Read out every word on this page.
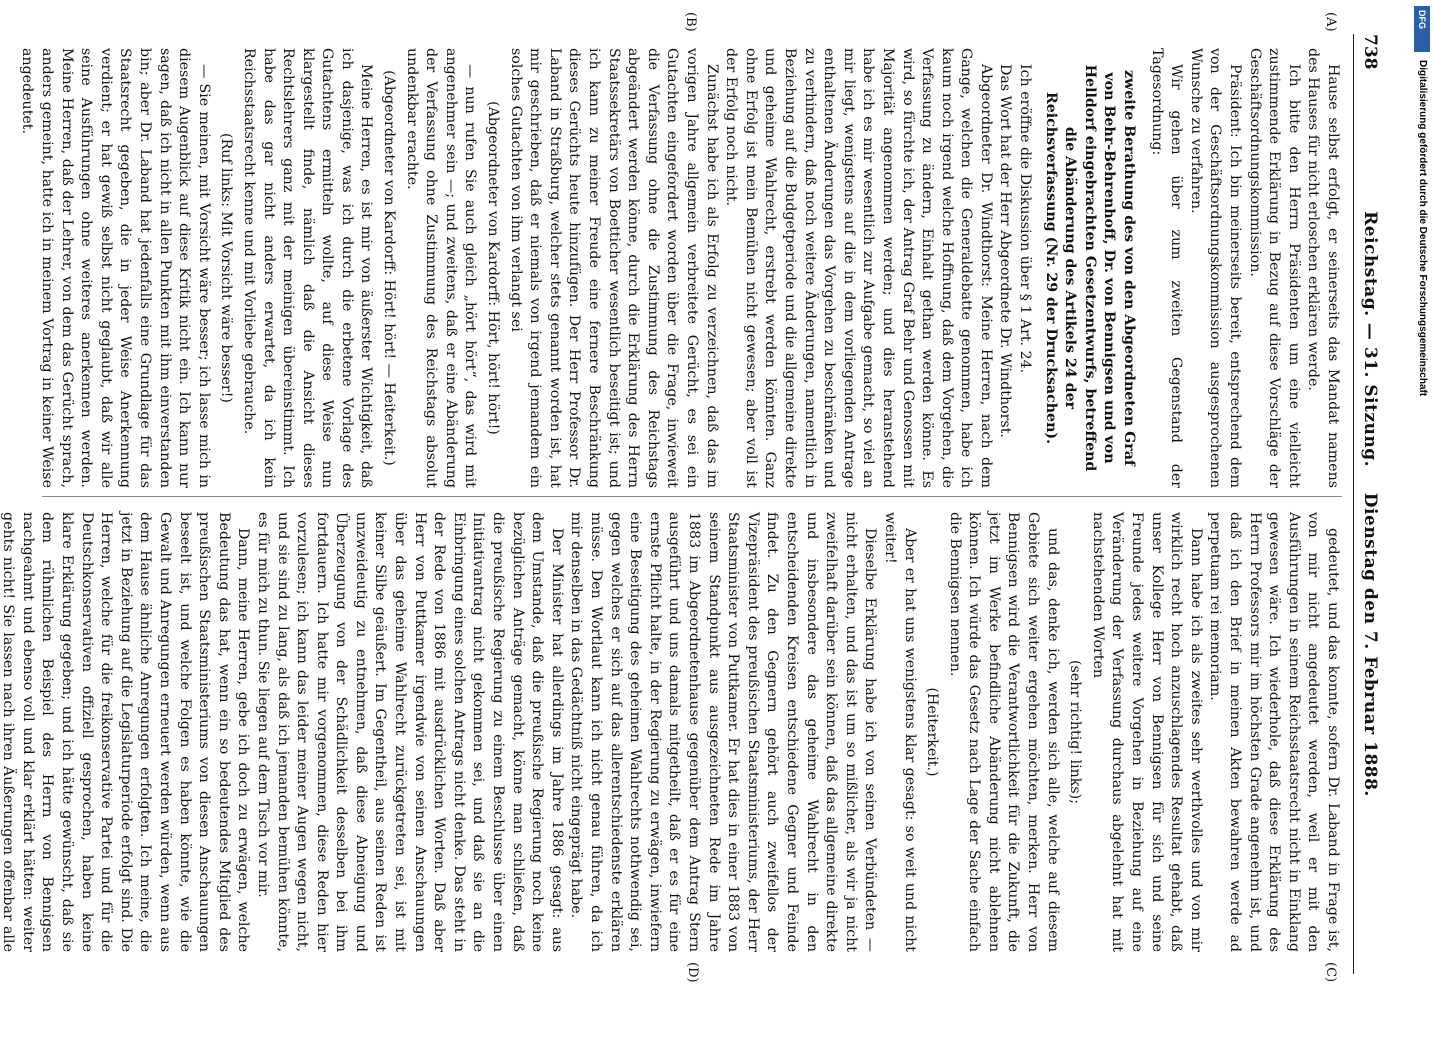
738
Reichstag. — 31. Sitzung.    Dienstag den 7. Februar 1888.
(A)
(B)
(C)
(D)

Hause selbst erfolgt, er seinerseits das Mandat namens des Hauses für nicht erloschen erklären werde.

Ich bitte den Herrn Präsidenten um eine vielleicht zustimmende Erklärung in Bezug auf diese Vorschläge der Geschäftsordnungskommission.

Präsident: Ich bin meinerseits bereit, entsprechend dem von der Geschäftsordnungskommission ausgesprochenen Wunsche zu verfahren.

Wir gehen über zum zweiten Gegenstand der Tagesordnung:

zweite Berathung des von den Abgeordneten Graf von Behr-Behrenhoff, Dr. von Bennigsen und von Helldorf eingebrachten Gesetzentwurfs, betreffend die Abänderung des Artikels 24 der Reichsverfassung (Nr. 29 der Drucksachen).

Ich eröffne die Diskussion über § 1 Art. 24.

Das Wort hat der Herr Abgeordnete Dr. Windthorst.

Abgeordneter Dr. Windthorst: Meine Herren, nach dem Gange, welchen die Generaldebatte genommen, habe ich kaum noch irgend welche Hoffnung, daß dem Vorgehen, die Verfassung zu ändern, Einhalt gethan werden könne. Es wird, so fürchte ich, der Antrag Graf Behr und Genossen mit Majorität angenommen werden; und dies heranstehend habe ich es mir wesentlich zur Aufgabe gemacht, so viel an mir liegt, wenigstens auf die in dem vorliegenden Antrage enthaltenen Änderungen das Vorgehen zu beschränken und zu verhindern, daß noch weitere Änderungen, namentlich in Beziehung auf die Budgetperiode und die allgemeine direkte und geheime Wahlrecht, erstrebt werden könnten. Ganz ohne Erfolg ist mein Bemühen nicht gewesen; aber voll ist der Erfolg noch nicht.

Zunächst habe ich als Erfolg zu verzeichnen, daß das im vorigen Jahre allgemein verbreitete Gerücht, es sei ein Gutachten eingefordert worden über die Frage, inwieweit die Verfassung ohne die Zustimmung des Reichstags abgeändert werden könne, durch die Erklärung des Herrn Staatssekretärs von Boetticher wesentlich beseitigt ist; und ich kann zu meiner Freude eine fernere Beschränkung dieses Gerüchts heute hinzufügen. Der Herr Professor Dr. Laband in Straßburg, welcher stets genannt worden ist, hat mir geschrieben, daß er niemals von irgend jemandem ein solches Gutachten von ihm verlangt sei

(Abgeordneter von Kardorff: Hört, hört! hört!)

— nun rufen Sie auch gleich „hört hört“, das wird mit angenehmer sein —; und zweitens, daß er eine Abänderung der Verfassung ohne Zustimmung des Reichstags absolut undenkbar erachte.

(Abgeordneter von Kardorff: Hört! hört! — Heiterkeit.)

Meine Herren, es ist mir von äußerster Wichtigkeit, daß ich dasjenige, was ich durch die erbetene Vorlage des Gutachtens ermitteln wollte, auf diese Weise nun klargestellt finde, nämlich daß die Ansicht dieses Rechtslehrers ganz mit der meinigen übereinstimmt. Ich habe das gar nicht anders erwartet, da ich kein Reichsstaatsrecht kenne und mit Vorliebe gebrauche.

(Ruf links: Mit Vorsicht wäre besser!)

— Sie meinen, mit Vorsicht wäre besser; ich lasse mich in diesem Augenblick auf diese Kritik nicht ein. Ich kann nur sagen, daß ich nicht in allen Punkten mit ihm einverstanden bin; aber Dr. Laband hat jedenfalls eine Grundlage für das Staatsrecht gegeben, die in jeder Weise Anerkennung verdient; er hat gewiß selbst nicht geglaubt, daß wir alle seine Ausführungen ohne weiteres anerkennen werden. Meine Herren, daß der Lehrer, von dem das Gerücht sprach, anders gemeint, hatte ich in meinem Vortrag in keiner Weise angedeutet.

gedeutet, und das konnte, sofern Dr. Laband in Frage ist, von mir nicht angedeutet werden, weil er mit den Ausführungen in seinem Reichsstaatsrecht nicht in Einklang gewesen wäre. Ich wiederhole, daß diese Erklärung des Herrn Professors mir im höchsten Grade angenehm ist, und daß ich den Brief in meinen Akten bewahren werde ad perpetuam rei memoriam.

Dann habe ich als zweites sehr werthvolles und von mir wirklich recht hoch anzuschlagendes Resultat gehabt, daß unser Kollege Herr von Bennigsen für sich und seine Freunde jedes weitere Vorgehen in Beziehung auf eine Veränderung der Verfassung durchaus abgelehnt hat mit nachstehenden Worten

(sehr richtig! links);

und das, denke ich, werden sich alle, welche auf diesem Gebiete sich weiter ergehen möchten, merken. Herr von Bennigsen wird die Verantwortlichkeit für die Zukunft, die jetzt im Werke befindliche Abänderung nicht ablehnen können. Ich würde das Gesetz nach Lage der Sache einfach die Bennigsen nennen.

(Heiterkeit.)

Aber er hat uns wenigstens klar gesagt: so weit und nicht weiter!

Dieselbe Erklärung habe ich von seinen Verbündeten — nicht erhalten, und das ist um so mißlicher, als wir ja nicht zweifelhaft darüber sein können, daß das allgemeine direkte und insbesondere das geheime Wahlrecht in den entscheidenden Kreisen entschiedene Gegner und Feinde findet. Zu den Gegnern gehört auch zweifellos der Vizepräsident des preußischen Staatsministeriums, der Herr Staatsminister von Puttkamer. Er hat dies in einer 1883 von seinem Standpunkt aus ausgezeichneten Rede im Jahre 1883 im Abgeordnetenhause gegenüber dem Antrag Stern ausgeführt und uns damals mitgetheilt, daß er es für eine ernste Pflicht halte, in der Regierung zu erwägen, inwiefern eine Beseitigung des geheimen Wahlrechts nothwendig sei, gegen welches er sich auf das allerentschiedenste erklären müsse. Den Wortlaut kann ich nicht genau führen, da ich mir denselben in das Gedächtniß nicht eingeprägt habe.

Der Minister hat allerdings im Jahre 1886 gesagt: aus dem Umstande, daß die preußische Regierung noch keine bezüglichen Anträge gemacht, könne man schließen, daß die preußische Regierung zu einem Beschlusse über einen Initiativantrag nicht gekommen sei, und daß sie an die Einbringung eines solchen Antrags nicht denke. Das steht in der Rede von 1886 mit ausdrücklichen Worten. Daß aber Herr von Puttkamer irgendwie von seinen Anschauungen über das geheime Wahlrecht zurückgetreten sei, ist mit keiner Silbe geäußert. Im Gegentheil, aus seinen Reden ist unzweideutig zu entnehmen, daß diese Abneigung und Überzeugung von der Schädlichkeit desselben bei ihm fortdauern. Ich hatte mir vorgenommen, diese Reden hier vorzulesen; ich kann das leider meiner Augen wegen nicht, und sie sind zu lang, als daß ich jemanden bemühen könnte, es für mich zu thun. Sie liegen auf dem Tisch vor mir.

Dann, meine Herren, gebe ich doch zu erwägen, welche Bedeutung das hat, wenn ein so bedeutendes Mitglied des preußischen Staatsministeriums von diesen Anschauungen beseelt ist, und welche Folgen es haben könnte, wie die Gewalt und Anregungen erneuert werden würden, wenn aus dem Hause ähnliche Anregungen erfolgten. Ich meine, die jetzt in Beziehung auf die Legislaturperiode erfolgt sind. Die Herren, welche für die freikonservative Partei und für die Deutschkonservativen offiziell gesprochen, haben keine klare Erklärung gegeben; und ich hätte gewünscht, daß sie dem rühmlichen Beispiel des Herrn von Bennigsen nachgeahmt und ebenso voll und klar erklärt hätten: weiter gehts nicht! Sie lassen nach ihren Äußerungen offenbar alle

DFG
Digitalisierung gefördert durch die Deutsche Forschungsgemeinschaft
